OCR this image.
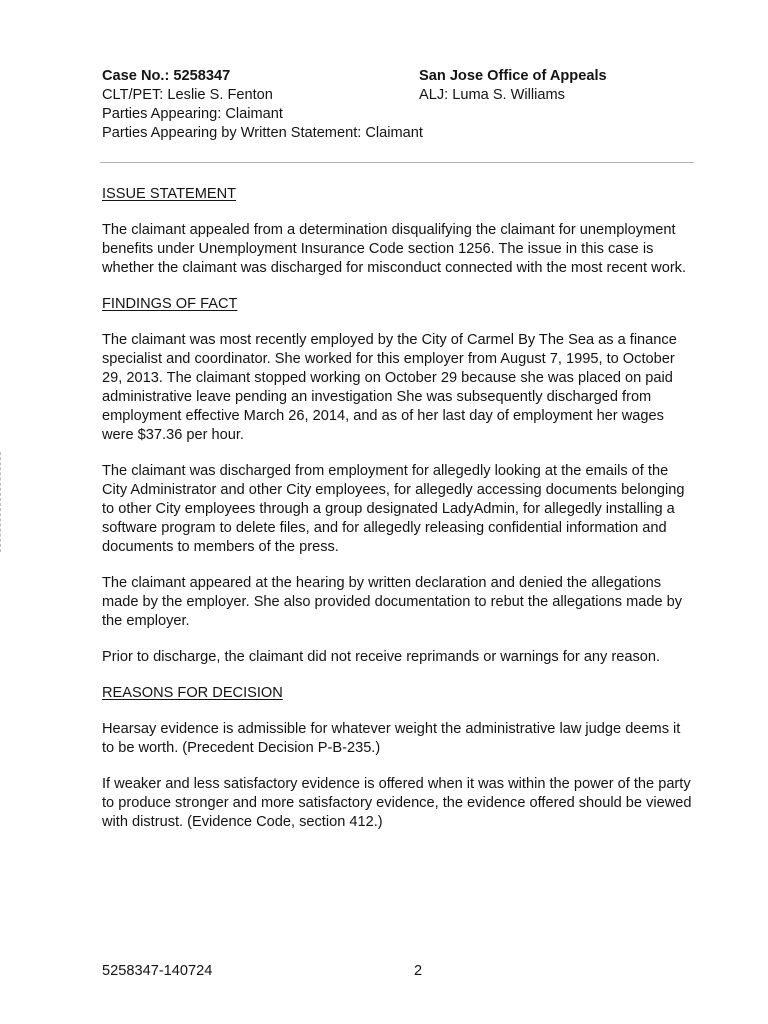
Case No.: 5258347	San Jose Office of Appeals
CLT/PET: Leslie S. Fenton	ALJ: Luma S. Williams
Parties Appearing: Claimant
Parties Appearing by Written Statement: Claimant
ISSUE STATEMENT

The claimant appealed from a determination disqualifying the claimant for unemployment benefits under Unemployment Insurance Code section 1256. The issue in this case is whether the claimant was discharged for misconduct connected with the most recent work.

FINDINGS OF FACT

The claimant was most recently employed by the City of Carmel By The Sea as a finance specialist and coordinator. She worked for this employer from August 7, 1995, to October 29, 2013. The claimant stopped working on October 29 because she was placed on paid administrative leave pending an investigation She was subsequently discharged from employment effective March 26, 2014, and as of her last day of employment her wages were $37.36 per hour.

The claimant was discharged from employment for allegedly looking at the emails of the City Administrator and other City employees, for allegedly accessing documents belonging to other City employees through a group designated LadyAdmin, for allegedly installing a software program to delete files, and for allegedly releasing confidential information and documents to members of the press.

The claimant appeared at the hearing by written declaration and denied the allegations made by the employer. She also provided documentation to rebut the allegations made by the employer.

Prior to discharge, the claimant did not receive reprimands or warnings for any reason.

REASONS FOR DECISION

Hearsay evidence is admissible for whatever weight the administrative law judge deems it to be worth. (Precedent Decision P-B-235.)

If weaker and less satisfactory evidence is offered when it was within the power of the party to produce stronger and more satisfactory evidence, the evidence offered should be viewed with distrust. (Evidence Code, section 412.)

5258347-140724	2
